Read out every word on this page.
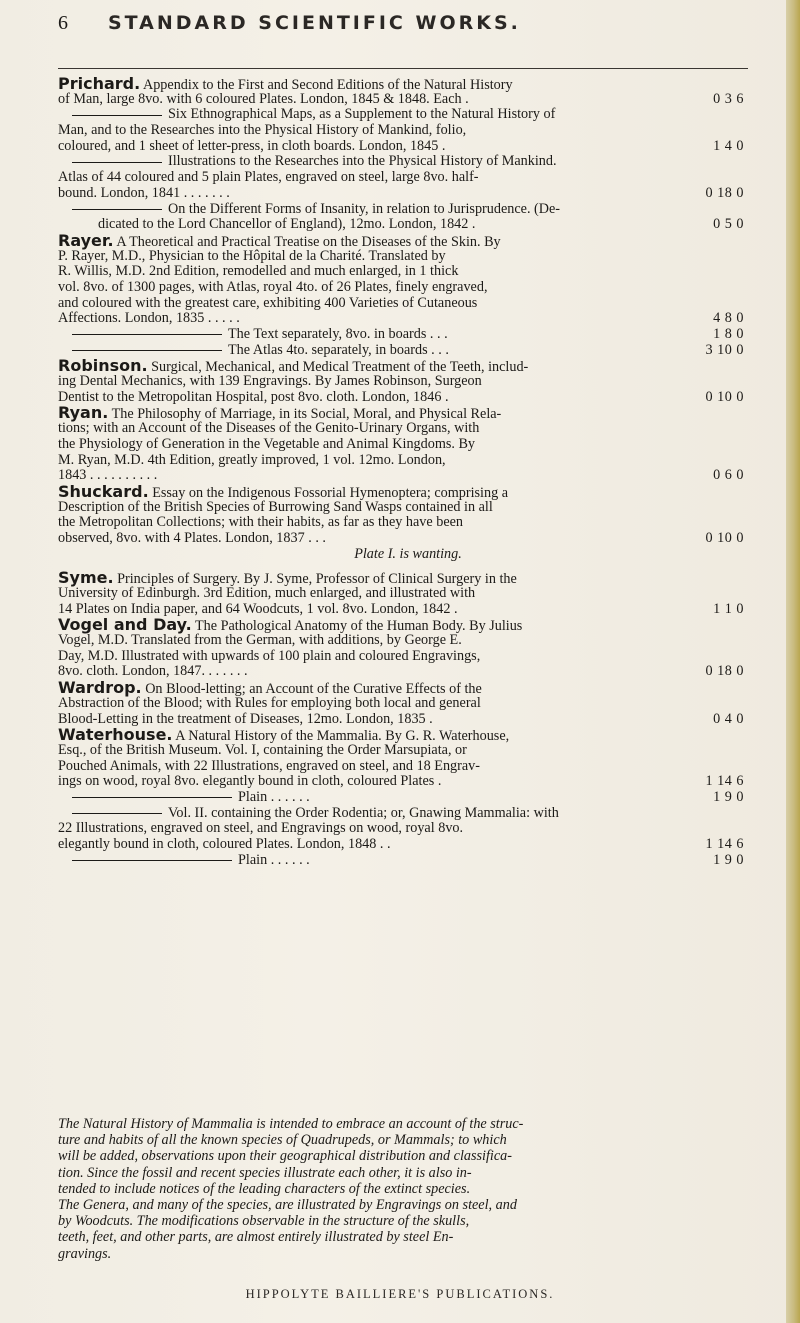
6 STANDARD SCIENTIFIC WORKS.
Prichard. Appendix to the First and Second Editions of the Natural History
of Man, large 8vo. with 6 coloured Plates. London, 1845 & 1848. Each .	0 3 6
Six Ethnographical Maps, as a Supplement to the Natural History of
Man, and to the Researches into the Physical History of Mankind, folio,
coloured, and 1 sheet of letter-press, in cloth boards. London, 1845 .	1 4 0
Illustrations to the Researches into the Physical History of Mankind.
Atlas of 44 coloured and 5 plain Plates, engraved on steel, large 8vo. half-
bound. London, 1841 . . . . . . .	0 18 0
On the Different Forms of Insanity, in relation to Jurisprudence. (De-
dicated to the Lord Chancellor of England), 12mo. London, 1842 .	0 5 0
Rayer. A Theoretical and Practical Treatise on the Diseases of the Skin. By
P. Rayer, M.D., Physician to the Hôpital de la Charité. Translated by
R. Willis, M.D. 2nd Edition, remodelled and much enlarged, in 1 thick
vol. 8vo. of 1300 pages, with Atlas, royal 4to. of 26 Plates, finely engraved,
and coloured with the greatest care, exhibiting 400 Varieties of Cutaneous
Affections. London, 1835 . . . . .	4 8 0
The Text separately, 8vo. in boards . . .	1 8 0
The Atlas 4to. separately, in boards . . .	3 10 0
Robinson. Surgical, Mechanical, and Medical Treatment of the Teeth, includ-
ing Dental Mechanics, with 139 Engravings. By James Robinson, Surgeon
Dentist to the Metropolitan Hospital, post 8vo. cloth. London, 1846 .	0 10 0
Ryan. The Philosophy of Marriage, in its Social, Moral, and Physical Rela-
tions; with an Account of the Diseases of the Genito-Urinary Organs, with
the Physiology of Generation in the Vegetable and Animal Kingdoms. By
M. Ryan, M.D. 4th Edition, greatly improved, 1 vol. 12mo. London,
1843 . . . . . . . . . .	0 6 0
Shuckard. Essay on the Indigenous Fossorial Hymenoptera; comprising a
Description of the British Species of Burrowing Sand Wasps contained in all
the Metropolitan Collections; with their habits, as far as they have been
observed, 8vo. with 4 Plates. London, 1837 . . .	0 10 0
Plate I. is wanting.
Syme. Principles of Surgery. By J. Syme, Professor of Clinical Surgery in the
University of Edinburgh. 3rd Edition, much enlarged, and illustrated with
14 Plates on India paper, and 64 Woodcuts, 1 vol. 8vo. London, 1842 .	1 1 0
Vogel and Day. The Pathological Anatomy of the Human Body. By Julius
Vogel, M.D. Translated from the German, with additions, by George E.
Day, M.D. Illustrated with upwards of 100 plain and coloured Engravings,
8vo. cloth. London, 1847. . . . . . .	0 18 0
Wardrop. On Blood-letting; an Account of the Curative Effects of the
Abstraction of the Blood; with Rules for employing both local and general
Blood-Letting in the treatment of Diseases, 12mo. London, 1835 .	0 4 0
Waterhouse. A Natural History of the Mammalia. By G. R. Waterhouse,
Esq., of the British Museum. Vol. I, containing the Order Marsupiata, or
Pouched Animals, with 22 Illustrations, engraved on steel, and 18 Engrav-
ings on wood, royal 8vo. elegantly bound in cloth, coloured Plates .	1 14 6
Plain . . . . . .	1 9 0
Vol. II. containing the Order Rodentia; or, Gnawing Mammalia: with
22 Illustrations, engraved on steel, and Engravings on wood, royal 8vo.
elegantly bound in cloth, coloured Plates. London, 1848 . .	1 14 6
Plain . . . . . .	1 9 0
The Natural History of Mammalia is intended to embrace an account of the struc-
ture and habits of all the known species of Quadrupeds, or Mammals; to which
will be added, observations upon their geographical distribution and classifica-
tion. Since the fossil and recent species illustrate each other, it is also in-
tended to include notices of the leading characters of the extinct species.
The Genera, and many of the species, are illustrated by Engravings on steel, and
by Woodcuts. The modifications observable in the structure of the skulls,
teeth, feet, and other parts, are almost entirely illustrated by steel En-
gravings.
HIPPOLYTE BAILLIERE'S PUBLICATIONS.
